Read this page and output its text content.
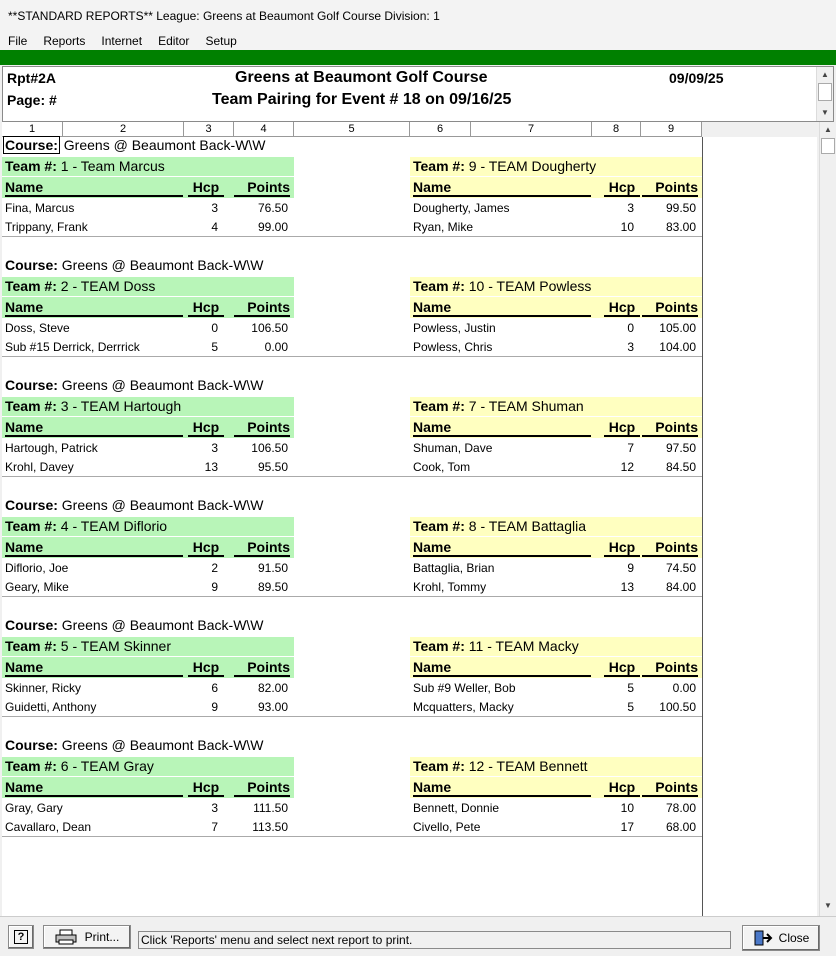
**STANDARD REPORTS** League: Greens at Beaumont Golf Course Division: 1
File	Reports	Internet	Editor	Setup
Rpt#2A
Page: #
Greens at Beaumont Golf Course
Team Pairing for Event # 18 on 09/16/25
09/09/25	▲
▼
1	2	3	4	5	6	7	8	9
Course: Greens @ Beaumont Back-W\W
Team #: 1 - Team Marcus
Name	Hcp	Points
Fina, Marcus	3	76.50
Trippany, Frank	4	99.00
Team #: 9 - TEAM Dougherty
Name	Hcp	Points
Dougherty, James	3	99.50
Ryan, Mike	10	83.00
Course: Greens @ Beaumont Back-W\W
Team #: 2 - TEAM Doss
Name	Hcp	Points
Doss, Steve	0	106.50
Sub #15 Derrick, Derrrick	5	0.00
Team #: 10 - TEAM Powless
Name	Hcp	Points
Powless, Justin	0	105.00
Powless, Chris	3	104.00
Course: Greens @ Beaumont Back-W\W
Team #: 3 - TEAM Hartough
Name	Hcp	Points
Hartough, Patrick	3	106.50
Krohl, Davey	13	95.50
Team #: 7 - TEAM Shuman
Name	Hcp	Points
Shuman, Dave	7	97.50
Cook, Tom	12	84.50
Course: Greens @ Beaumont Back-W\W
Team #: 4 - TEAM Diflorio
Name	Hcp	Points
Diflorio, Joe	2	91.50
Geary, Mike	9	89.50
Team #: 8 - TEAM Battaglia
Name	Hcp	Points
Battaglia, Brian	9	74.50
Krohl, Tommy	13	84.00
Course: Greens @ Beaumont Back-W\W
Team #: 5 - TEAM Skinner
Name	Hcp	Points
Skinner, Ricky	6	82.00
Guidetti, Anthony	9	93.00
Team #: 11 - TEAM Macky
Name	Hcp	Points
Sub #9 Weller, Bob	5	0.00
Mcquatters, Macky	5	100.50
Course: Greens @ Beaumont Back-W\W
Team #: 6 - TEAM Gray
Name	Hcp	Points
Gray, Gary	3	111.50
Cavallaro, Dean	7	113.50
Team #: 12 - TEAM Bennett
Name	Hcp	Points
Bennett, Donnie	10	78.00
Civello, Pete	17	68.00
▲
▼
?	Print... Click 'Reports' menu and select next report to print.	Close
